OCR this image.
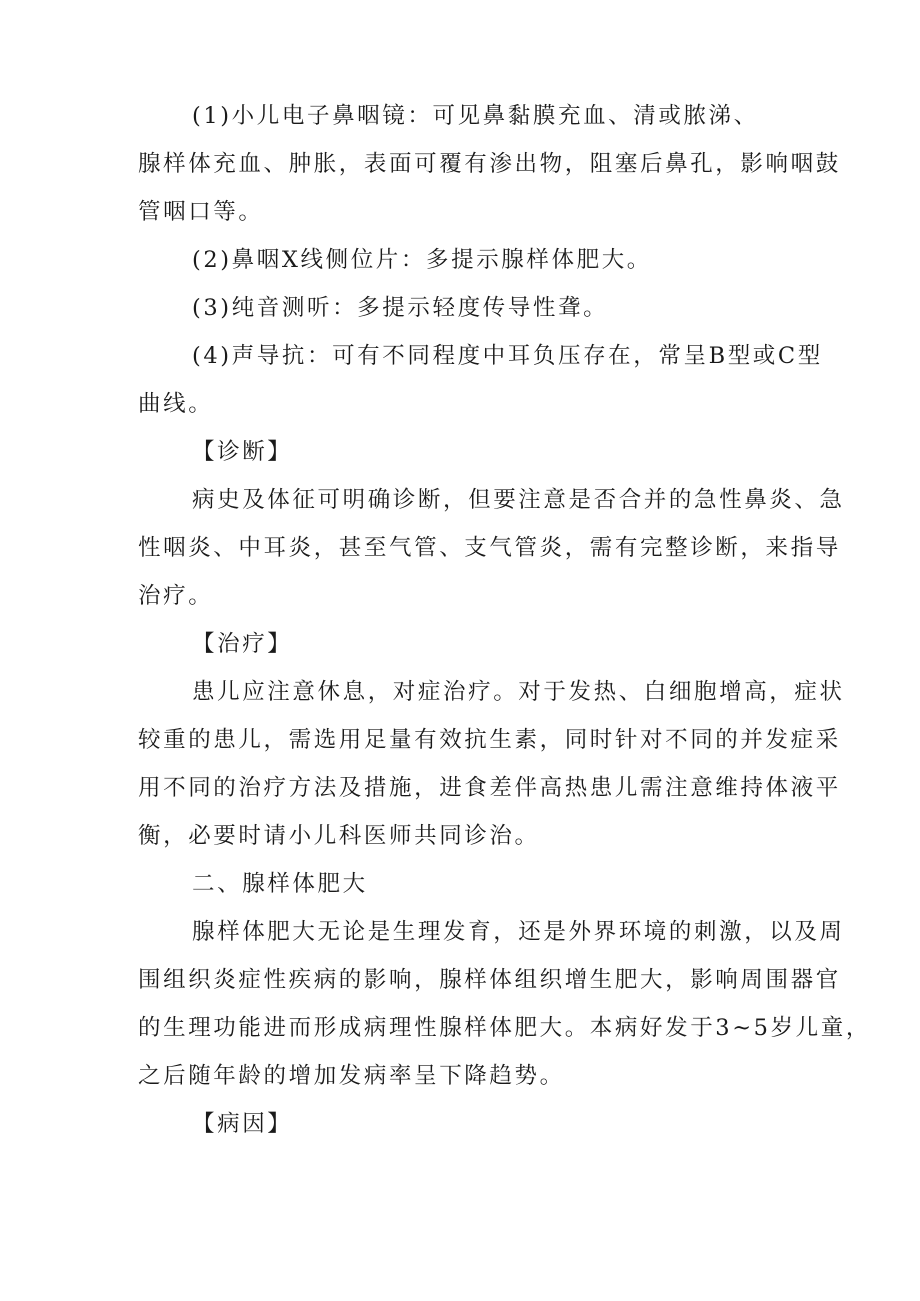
(1)小儿电子鼻咽镜：可见鼻黏膜充血、清或脓涕、
腺样体充血、肿胀，表面可覆有渗出物，阻塞后鼻孔，影响咽鼓
管咽口等。
(2)鼻咽X线侧位片：多提示腺样体肥大。
(3)纯音测听：多提示轻度传导性聋。
(4)声导抗：可有不同程度中耳负压存在，常呈B型或C型
曲线。
【诊断】
病史及体征可明确诊断，但要注意是否合并的急性鼻炎、急
性咽炎、中耳炎，甚至气管、支气管炎，需有完整诊断，来指导
治疗。
【治疗】
患儿应注意休息，对症治疗。对于发热、白细胞增高，症状
较重的患儿，需选用足量有效抗生素，同时针对不同的并发症采
用不同的治疗方法及措施，进食差伴高热患儿需注意维持体液平
衡，必要时请小儿科医师共同诊治。
二、腺样体肥大
腺样体肥大无论是生理发育，还是外界环境的刺激，以及周
围组织炎症性疾病的影响，腺样体组织增生肥大，影响周围器官
的生理功能进而形成病理性腺样体肥大。本病好发于3~5岁儿童，
之后随年龄的增加发病率呈下降趋势。
【病因】
